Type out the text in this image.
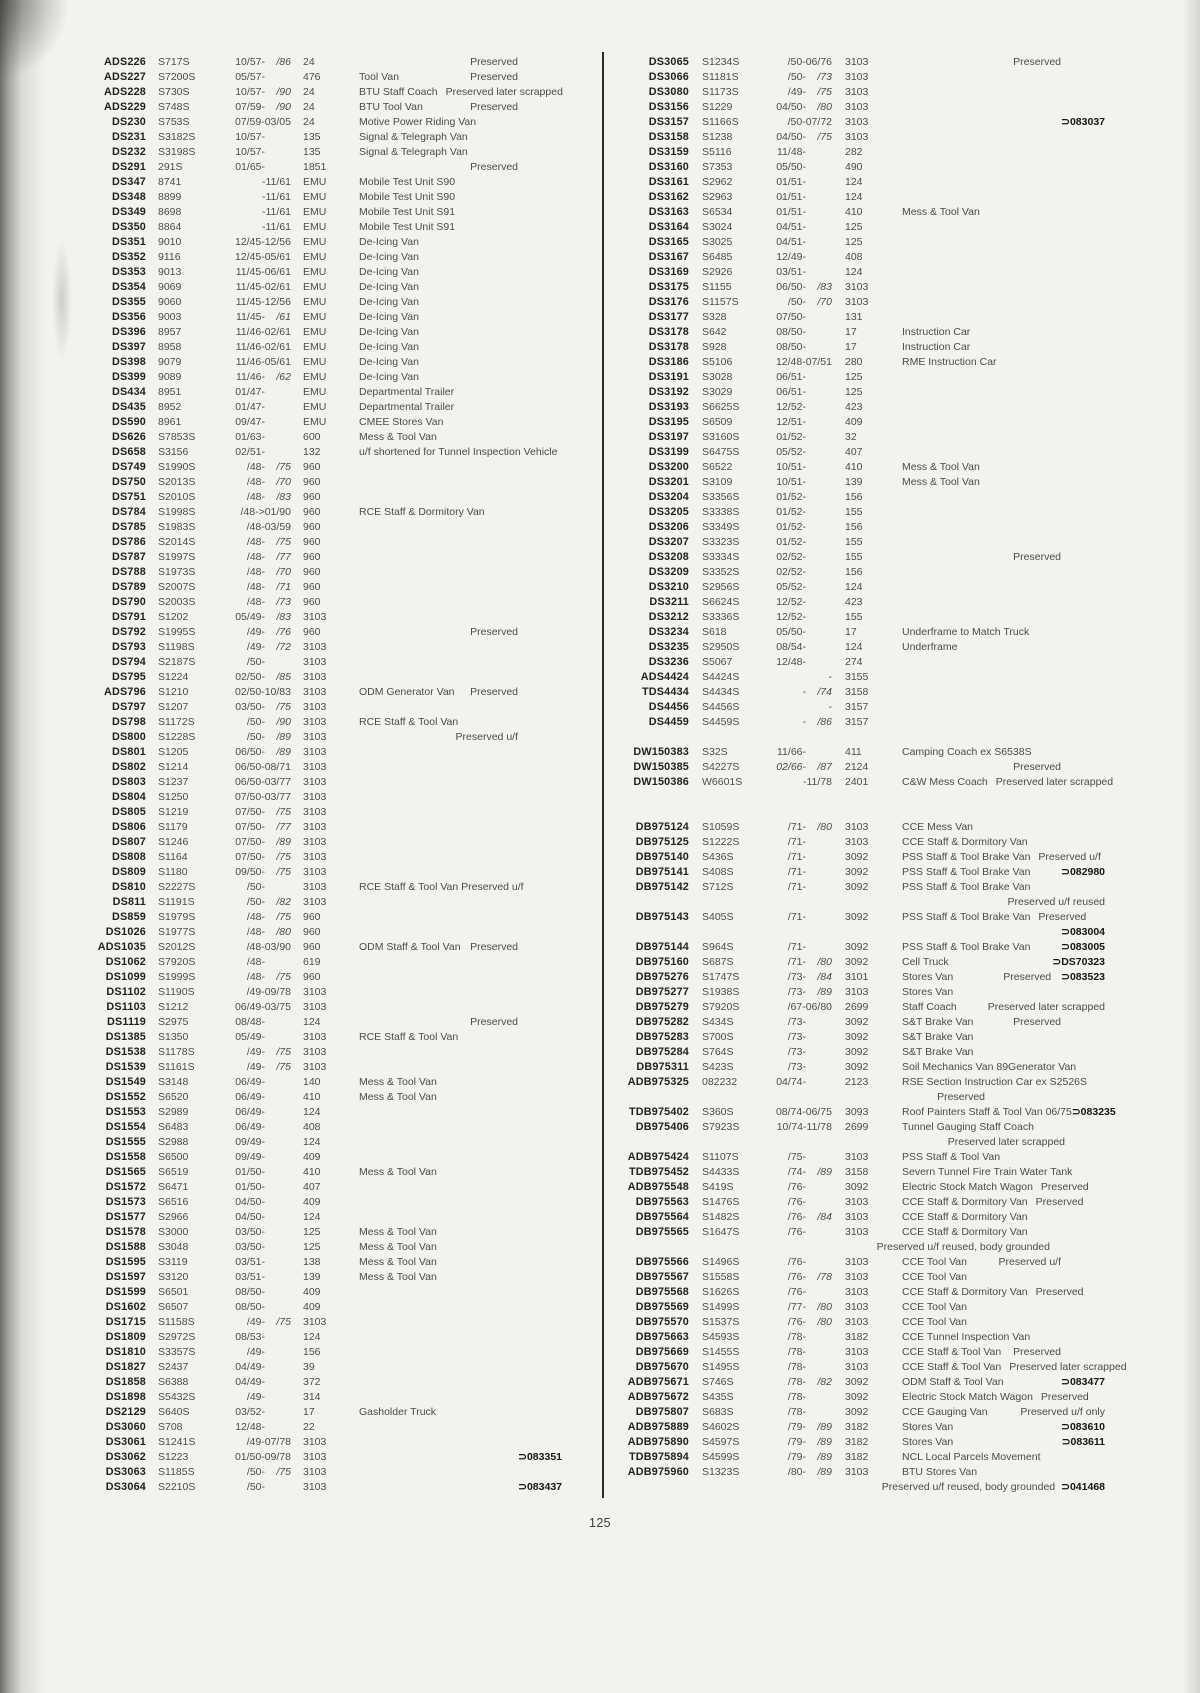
ADS226 S717S	10/57-	/86 24	Preserved
ADS227 S7200S	05/57-	476	Tool Van	Preserved
ADS228 S730S	10/57-	/90 24	BTU Staff Coach Preserved later scrapped
ADS229 S748S	07/59-	/90 24	BTU Tool Van	Preserved
DS230 S753S	07/59-03/05 24	Motive Power Riding Van
DS231 S3182S	10/57-	135	Signal & Telegraph Van
DS232 S3198S	10/57-	135	Signal & Telegraph Van
DS291 291S	01/65-	1851	Preserved
DS347 8741	-11/61 EMU	Mobile Test Unit S90
DS348 8899	-11/61 EMU	Mobile Test Unit S90
DS349 8698	-11/61 EMU	Mobile Test Unit S91
DS350 8864	-11/61 EMU	Mobile Test Unit S91
DS351 9010	12/45-12/56 EMU	De-Icing Van
DS352 9116	12/45-05/61 EMU	De-Icing Van
DS353 9013	11/45-06/61 EMU	De-Icing Van
DS354 9069	11/45-02/61 EMU	De-Icing Van
DS355 9060	11/45-12/56 EMU	De-Icing Van
DS356 9003	11/45-	/61 EMU	De-Icing Van
DS396 8957	11/46-02/61 EMU	De-Icing Van
DS397 8958	11/46-02/61 EMU	De-Icing Van
DS398 9079	11/46-05/61 EMU	De-Icing Van
DS399 9089	11/46-	/62 EMU	De-Icing Van
DS434 8951	01/47-	EMU	Departmental Trailer
DS435 8952	01/47-	EMU	Departmental Trailer
DS590 8961	09/47-	EMU	CMEE Stores Van
DS626 S7853S	01/63-	600	Mess & Tool Van
DS658 S3156	02/51-	132	u/f shortened for Tunnel Inspection Vehicle
DS749 S1990S	/48-	/75 960
DS750 S2013S	/48-	/70 960
DS751 S2010S	/48-	/83 960
DS784 S1998S	/48->01/90 960	RCE Staff & Dormitory Van
DS785 S1983S	/48-03/59 960
DS786 S2014S	/48-	/75 960
DS787 S1997S	/48-	/77 960
DS788 S1973S	/48-	/70 960
DS789 S2007S	/48-	/71 960
DS790 S2003S	/48-	/73 960
DS791 S1202	05/49-	/83 3103
DS792 S1995S	/49-	/76 960	Preserved
DS793 S1198S	/49-	/72 3103
DS794 S2187S	/50-	3103
DS795 S1224	02/50-	/85 3103
ADS796 S1210	02/50-10/83 3103	ODM Generator Van	Preserved
DS797 S1207	03/50-	/75 3103
DS798 S1172S	/50-	/90 3103	RCE Staff & Tool Van
DS800 S1228S	/50-	/89 3103	Preserved u/f
DS801 S1205	06/50-	/89 3103
DS802 S1214	06/50-08/71 3103
DS803 S1237	06/50-03/77 3103
DS804 S1250	07/50-03/77 3103
DS805 S1219	07/50-	/75 3103
DS806 S1179	07/50-	/77 3103
DS807 S1246	07/50-	/89 3103
DS808 S1164	07/50-	/75 3103
DS809 S1180	09/50-	/75 3103
DS810 S2227S	/50-	3103	RCE Staff & Tool Van Preserved u/f
DS811 S1191S	/50-	/82 3103
DS859 S1979S	/48-	/75 960
DS1026 S1977S	/48-	/80 960
ADS1035 S2012S	/48-03/90 960	ODM Staff & Tool Van Preserved
DS1062 S7920S	/48-	619
DS1099 S1999S	/48-	/75 960
DS1102 S1190S	/49-09/78 3103
DS1103 S1212	06/49-03/75 3103
DS1119 S2975	08/48-	124	Preserved
DS1385 S1350	05/49-	3103	RCE Staff & Tool Van
DS1538 S1178S	/49-	/75 3103
DS1539 S1161S	/49-	/75 3103
DS1549 S3148	06/49-	140	Mess & Tool Van
DS1552 S6520	06/49-	410	Mess & Tool Van
DS1553 S2989	06/49-	124
DS1554 S6483	06/49-	408
DS1555 S2988	09/49-	124
DS1558 S6500	09/49-	409
DS1565 S6519	01/50-	410	Mess & Tool Van
DS1572 S6471	01/50-	407
DS1573 S6516	04/50-	409
DS1577 S2966	04/50-	124
DS1578 S3000	03/50-	125	Mess & Tool Van
DS1588 S3048	03/50-	125	Mess & Tool Van
DS1595 S3119	03/51-	138	Mess & Tool Van
DS1597 S3120	03/51-	139	Mess & Tool Van
DS1599 S6501	08/50-	409
DS1602 S6507	08/50-	409
DS1715 S1158S	/49-	/75 3103
DS1809 S2972S	08/53-	124
DS1810 S3357S	/49-	156
DS1827 S2437	04/49-	39
DS1858 S6388	04/49-	372
DS1898 S5432S	/49-	314
DS2129 S640S	03/52-	17	Gasholder Truck
DS3060 S708	12/48-	22
DS3061 S1241S	/49-07/78 3103
DS3062 S1223	01/50-09/78 3103	⊃083351
DS3063 S1185S	/50-	/75 3103
DS3064 S2210S	/50-	3103	⊃083437
DS3065 S1234S	/50-06/76 3103	Preserved
DS3066 S1181S	/50-	/73 3103
DS3080 S1173S	/49-	/75 3103
DS3156 S1229	04/50-	/80 3103
DS3157 S1166S	/50-07/72 3103	⊃083037
DS3158 S1238	04/50-	/75 3103
DS3159 S5116	11/48-	282
DS3160 S7353	05/50-	490
DS3161 S2962	01/51-	124
DS3162 S2963	01/51-	124
DS3163 S6534	01/51-	410	Mess & Tool Van
DS3164 S3024	04/51-	125
DS3165 S3025	04/51-	125
DS3167 S6485	12/49-	408
DS3169 S2926	03/51-	124
DS3175 S1155	06/50-	/83 3103
DS3176 S1157S	/50-	/70 3103
DS3177 S328	07/50-	131
DS3178 S642	08/50-	17	Instruction Car
DS3178 S928	08/50-	17	Instruction Car
DS3186 S5106	12/48-07/51 280	RME Instruction Car
DS3191 S3028	06/51-	125
DS3192 S3029	06/51-	125
DS3193 S6625S	12/52-	423
DS3195 S6509	12/51-	409
DS3197 S3160S	01/52-	32
DS3199 S6475S	05/52-	407
DS3200 S6522	10/51-	410	Mess & Tool Van
DS3201 S3109	10/51-	139	Mess & Tool Van
DS3204 S3356S	01/52-	156
DS3205 S3338S	01/52-	155
DS3206 S3349S	01/52-	156
DS3207 S3323S	01/52-	155
DS3208 S3334S	02/52-	155	Preserved
DS3209 S3352S	02/52-	156
DS3210 S2956S	05/52-	124
DS3211 S6624S	12/52-	423
DS3212 S3336S	12/52-	155
DS3234 S618	05/50-	17	Underframe to Match Truck
DS3235 S2950S	08/54-	124	Underframe
DS3236 S5067	12/48-	274
ADS4424 S4424S	- 3155
TDS4434 S4434S	-	/74 3158
DS4456 S4456S	- 3157
DS4459 S4459S	-	/86 3157
DW150383 S32S	11/66-	411	Camping Coach ex S6538S
DW150385 S4227S	02/66-	/87 2124	Preserved
DW150386 W6601S	-11/78 2401	C&W Mess Coach Preserved later scrapped
DB975124 S1059S	/71-	/80 3103	CCE Mess Van
DB975125 S1222S	/71-	3103	CCE Staff & Dormitory Van
DB975140 S436S	/71-	3092	PSS Staff & Tool Brake Van Preserved u/f
DB975141 S408S	/71-	3092	PSS Staff & Tool Brake Van	⊃082980
DB975142 S712S	/71-	3092	PSS Staff & Tool Brake Van
Preserved u/f reused
DB975143 S405S	/71-	3092	PSS Staff & Tool Brake Van Preserved
⊃083004
DB975144 S964S	/71-	3092	PSS Staff & Tool Brake Van	⊃083005
DB975160 S687S	/71-	/80 3092	Cell Truck	⊃DS70323
DB975276 S1747S	/73-	/84 3101	Stores Van	Preserved ⊃083523
DB975277 S1938S	/73-	/89 3103	Stores Van
DB975279 S7920S	/67-06/80 2699	Staff Coach	Preserved later scrapped
DB975282 S434S	/73-	3092	S&T Brake Van	Preserved
DB975283 S700S	/73-	3092	S&T Brake Van
DB975284 S764S	/73-	3092	S&T Brake Van
DB975311 S423S	/73-	3092	Soil Mechanics Van 89Generator Van
ADB975325 082232	04/74-	2123	RSE Section Instruction Car ex S2526S
Preserved
TDB975402 S360S	08/74-06/75 3093	Roof Painters Staff & Tool Van 06/75 ⊃083235
DB975406 S7923S	10/74-11/78 2699	Tunnel Gauging Staff Coach
Preserved later scrapped
ADB975424 S1107S	/75-	3103	PSS Staff & Tool Van
TDB975452 S4433S	/74-	/89 3158	Severn Tunnel Fire Train Water Tank
ADB975548 S419S	/76-	3092	Electric Stock Match Wagon Preserved
DB975563 S1476S	/76-	3103	CCE Staff & Dormitory Van Preserved
DB975564 S1482S	/76-	/84 3103	CCE Staff & Dormitory Van
DB975565 S1647S	/76-	3103	CCE Staff & Dormitory Van
Preserved u/f reused, body grounded
DB975566 S1496S	/76-	3103	CCE Tool Van	Preserved u/f
DB975567 S1558S	/76-	/78 3103	CCE Tool Van
DB975568 S1626S	/76-	3103	CCE Staff & Dormitory Van Preserved
DB975569 S1499S	/77-	/80 3103	CCE Tool Van
DB975570 S1537S	/76-	/80 3103	CCE Tool Van
DB975663 S4593S	/78-	3182	CCE Tunnel Inspection Van
DB975669 S1455S	/78-	3103	CCE Staff & Tool Van	Preserved
DB975670 S1495S	/78-	3103	CCE Staff & Tool Van Preserved later scrapped
ADB975671 S746S	/78-	/82 3092	ODM Staff & Tool Van	⊃083477
ADB975672 S435S	/78-	3092	Electric Stock Match Wagon Preserved
DB975807 S683S	/78-	3092	CCE Gauging Van	Preserved u/f only
ADB975889 S4602S	/79-	/89 3182	Stores Van	⊃083610
ADB975890 S4597S	/79-	/89 3182	Stores Van	⊃083611
TDB975894 S4599S	/79-	/89 3182	NCL Local Parcels Movement
ADB975960 S1323S	/80-	/89 3103	BTU Stores Van
Preserved u/f reused, body grounded ⊃041468
125
